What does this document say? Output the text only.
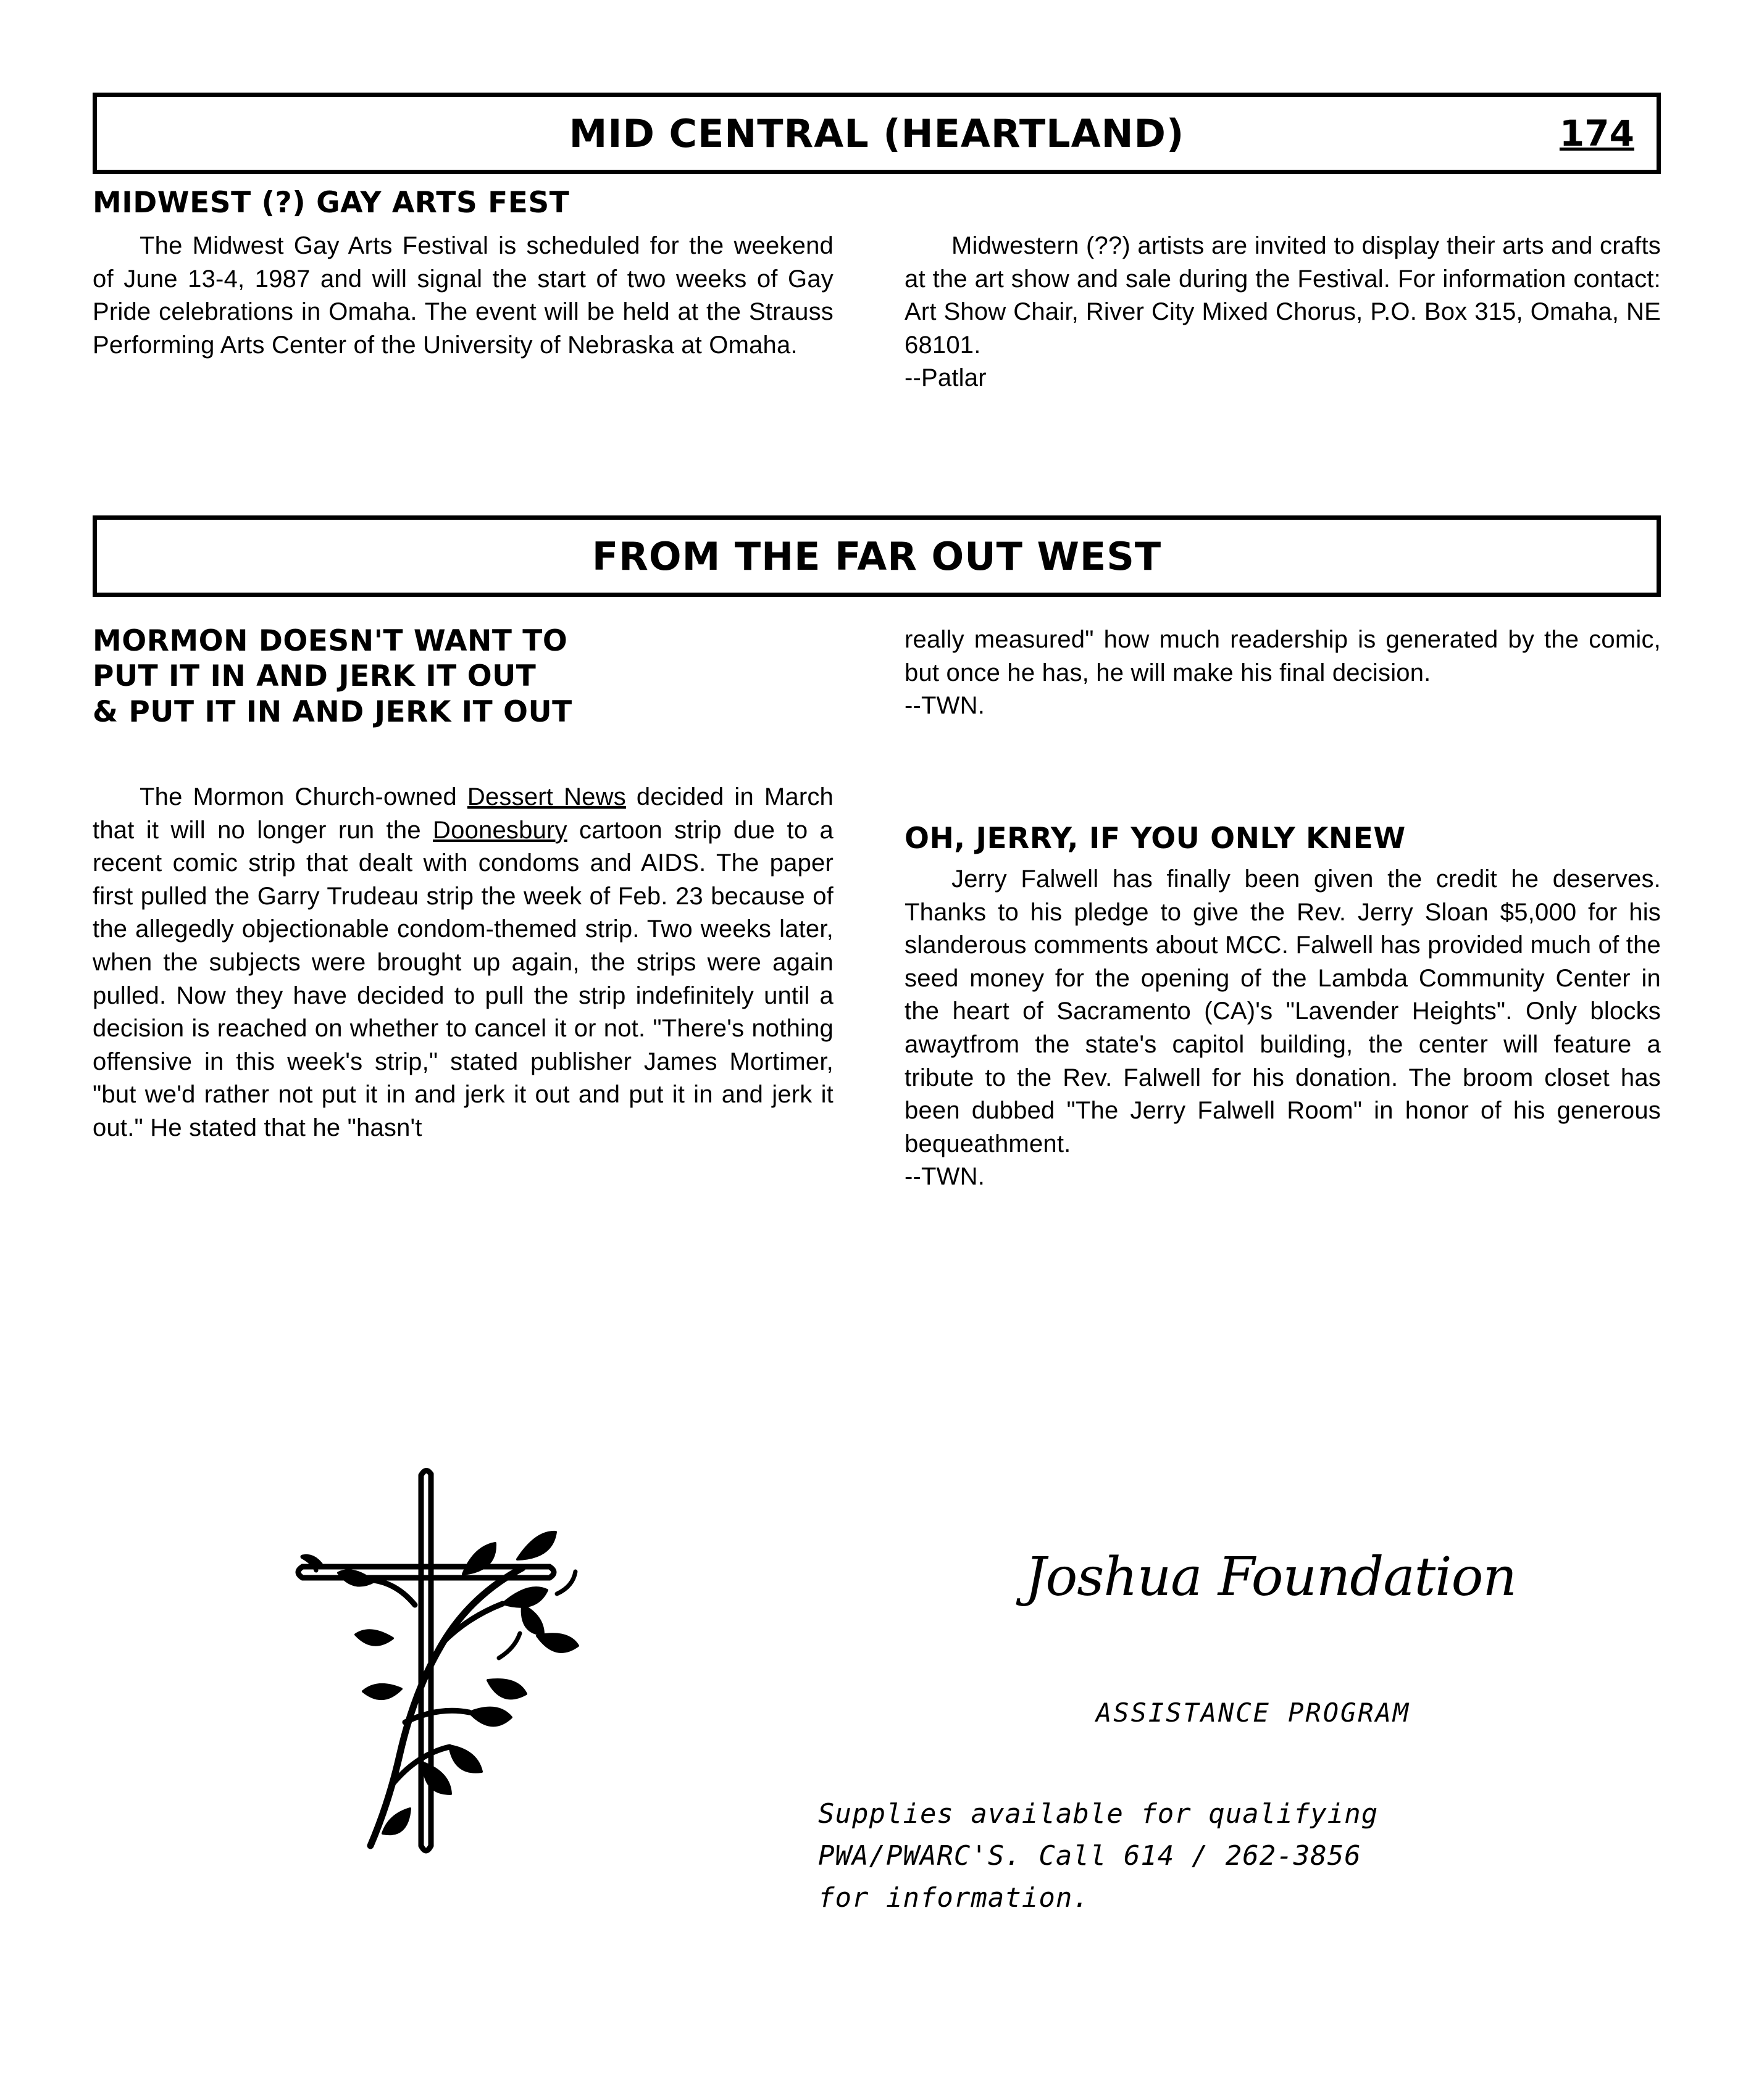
MID CENTRAL (HEARTLAND)	174
MIDWEST (?) GAY ARTS FEST

The Midwest Gay Arts Festival is scheduled for the weekend of June 13-4, 1987 and will signal the start of two weeks of Gay Pride celebrations in Omaha. The event will be held at the Strauss Performing Arts Center of the University of Nebraska at Omaha.

Midwestern (??) artists are invited to display their arts and crafts at the art show and sale during the Festival. For information contact: Art Show Chair, River City Mixed Chorus, P.O. Box 315, Omaha, NE 68101.

--Patlar

FROM THE FAR OUT WEST
MORMON DOESN'T WANT TO
PUT IT IN AND JERK IT OUT
& PUT IT IN AND JERK IT OUT

The Mormon Church-owned Dessert News decided in March that it will no longer run the Doonesbury cartoon strip due to a recent comic strip that dealt with condoms and AIDS. The paper first pulled the Garry Trudeau strip the week of Feb. 23 because of the allegedly objectionable condom-themed strip. Two weeks later, when the subjects were brought up again, the strips were again pulled. Now they have decided to pull the strip indefinitely until a decision is reached on whether to cancel it or not. "There's nothing offensive in this week's strip," stated publisher James Mortimer, "but we'd rather not put it in and jerk it out and put it in and jerk it out." He stated that he "hasn't

really measured" how much readership is generated by the comic, but once he has, he will make his final decision.

--TWN.

OH, JERRY, IF YOU ONLY KNEW

Jerry Falwell has finally been given the credit he deserves. Thanks to his pledge to give the Rev. Jerry Sloan $5,000 for his slanderous comments about MCC. Falwell has provided much of the seed money for the opening of the Lambda Community Center in the heart of Sacramento (CA)'s "Lavender Heights". Only blocks awaytfrom the state's capitol building, the center will feature a tribute to the Rev. Falwell for his donation. The broom closet has been dubbed "The Jerry Falwell Room" in honor of his generous bequeathment.

--TWN.

Joshua Foundation
ASSISTANCE PROGRAM
Supplies available for qualifying
PWA/PWARC'S. Call 614 / 262-3856
for information.
